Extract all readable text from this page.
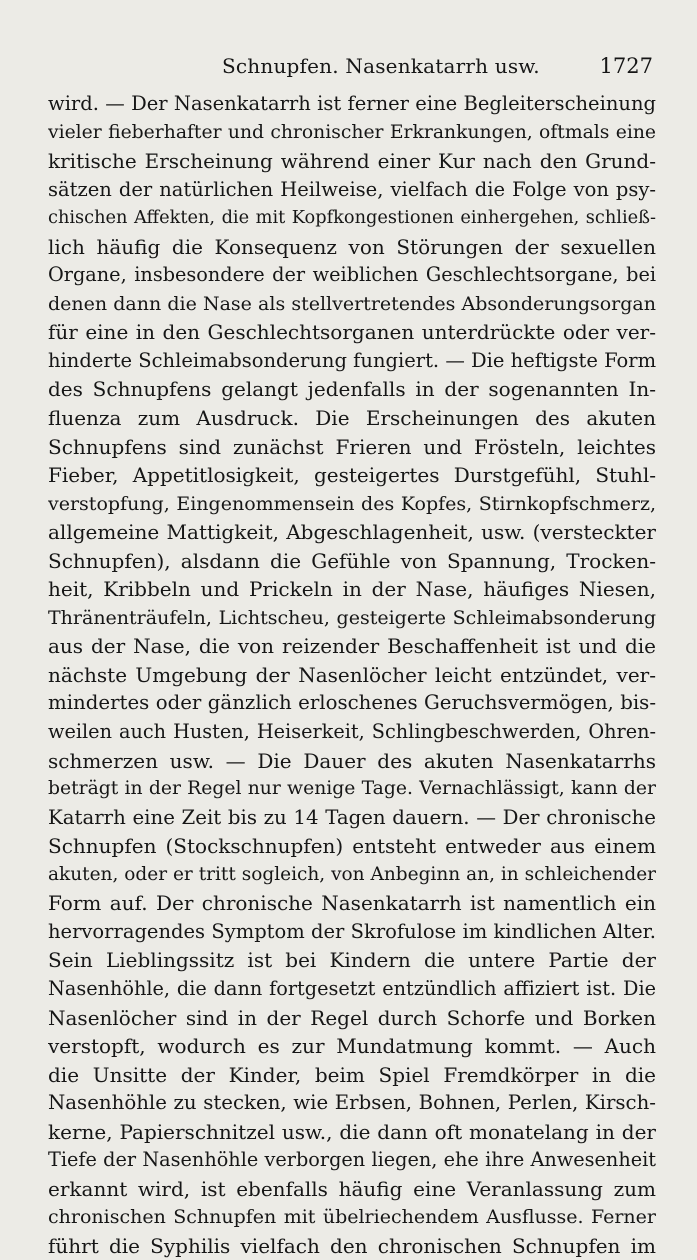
Schnupfen. Nasenkatarrh usw.	1727
wird. — Der Nasenkatarrh ist ferner eine Begleiterscheinung
vieler fieberhafter und chronischer Erkrankungen, oftmals eine
kritische Erscheinung während einer Kur nach den Grund-
sätzen der natürlichen Heilweise, vielfach die Folge von psy-
chischen Affekten, die mit Kopfkongestionen einhergehen, schließ-
lich häufig die Konsequenz von Störungen der sexuellen
Organe, insbesondere der weiblichen Geschlechtsorgane, bei
denen dann die Nase als stellvertretendes Absonderungsorgan
für eine in den Geschlechtsorganen unterdrückte oder ver-
hinderte Schleimabsonderung fungiert. — Die heftigste Form
des Schnupfens gelangt jedenfalls in der sogenannten In-
fluenza zum Ausdruck. Die Erscheinungen des akuten
Schnupfens sind zunächst Frieren und Frösteln, leichtes
Fieber, Appetitlosigkeit, gesteigertes Durstgefühl, Stuhl-
verstopfung, Eingenommensein des Kopfes, Stirnkopfschmerz,
allgemeine Mattigkeit, Abgeschlagenheit, usw. (versteckter
Schnupfen), alsdann die Gefühle von Spannung, Trocken-
heit, Kribbeln und Prickeln in der Nase, häufiges Niesen,
Thränenträufeln, Lichtscheu, gesteigerte Schleimabsonderung
aus der Nase, die von reizender Beschaffenheit ist und die
nächste Umgebung der Nasenlöcher leicht entzündet, ver-
mindertes oder gänzlich erloschenes Geruchsvermögen, bis-
weilen auch Husten, Heiserkeit, Schlingbeschwerden, Ohren-
schmerzen usw. — Die Dauer des akuten Nasenkatarrhs
beträgt in der Regel nur wenige Tage. Vernachlässigt, kann der
Katarrh eine Zeit bis zu 14 Tagen dauern. — Der chronische
Schnupfen (Stockschnupfen) entsteht entweder aus einem
akuten, oder er tritt sogleich, von Anbeginn an, in schleichender
Form auf. Der chronische Nasenkatarrh ist namentlich ein
hervorragendes Symptom der Skrofulose im kindlichen Alter.
Sein Lieblingssitz ist bei Kindern die untere Partie der
Nasenhöhle, die dann fortgesetzt entzündlich affiziert ist. Die
Nasenlöcher sind in der Regel durch Schorfe und Borken
verstopft, wodurch es zur Mundatmung kommt. — Auch
die Unsitte der Kinder, beim Spiel Fremdkörper in die
Nasenhöhle zu stecken, wie Erbsen, Bohnen, Perlen, Kirsch-
kerne, Papierschnitzel usw., die dann oft monatelang in der
Tiefe der Nasenhöhle verborgen liegen, ehe ihre Anwesenheit
erkannt wird, ist ebenfalls häufig eine Veranlassung zum
chronischen Schnupfen mit übelriechendem Ausflusse. Ferner
führt die Syphilis vielfach den chronischen Schnupfen im
